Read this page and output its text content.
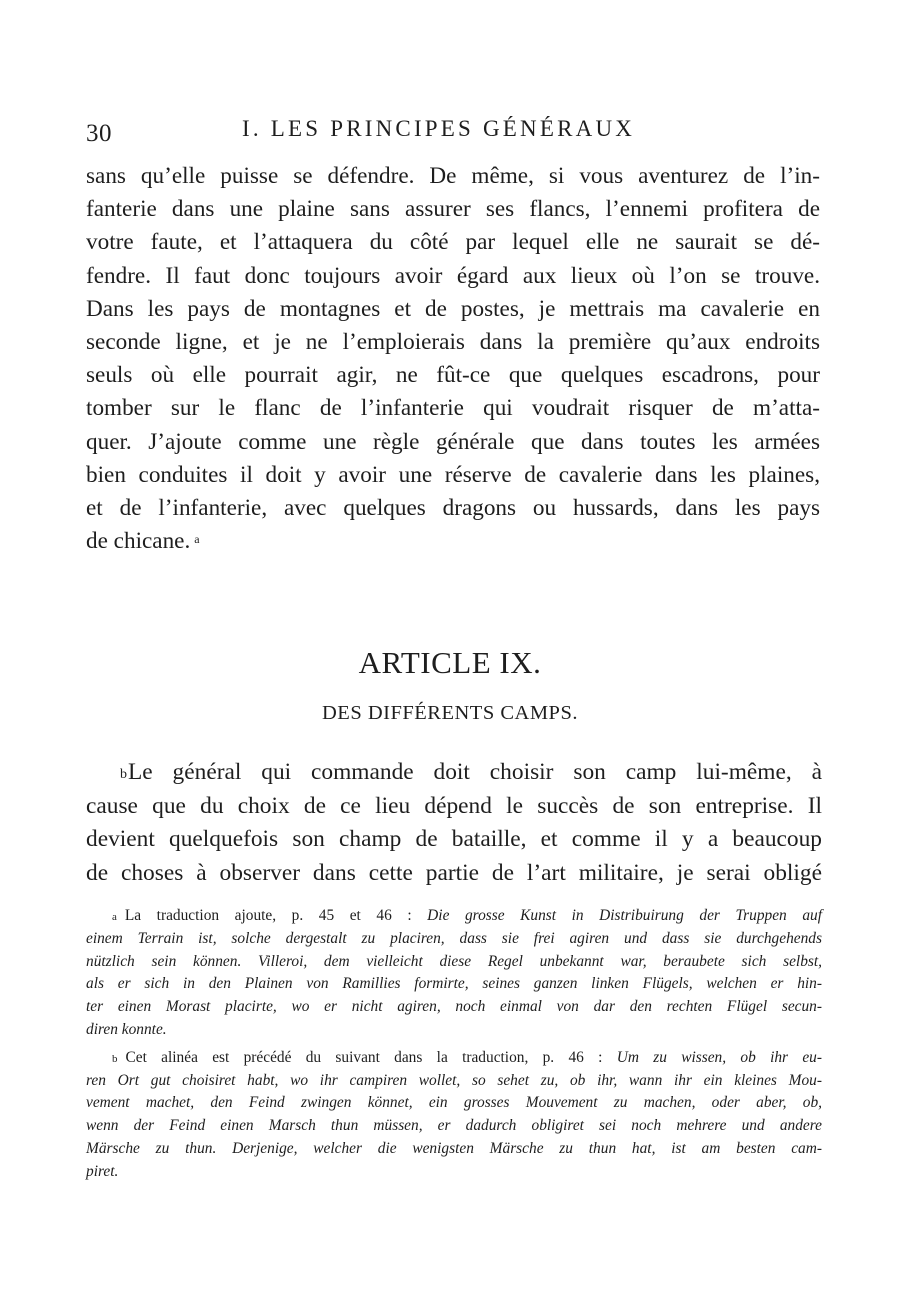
30	I. LES PRINCIPES GÉNÉRAUX
sans qu’elle puisse se défendre. De même, si vous aventurez de l’in-
fanterie dans une plaine sans assurer ses flancs, l’ennemi profitera de
votre faute, et l’attaquera du côté par lequel elle ne saurait se dé-
fendre. Il faut donc toujours avoir égard aux lieux où l’on se trouve.
Dans les pays de montagnes et de postes, je mettrais ma cavalerie en
seconde ligne, et je ne l’emploierais dans la première qu’aux endroits
seuls où elle pourrait agir, ne fût-ce que quelques escadrons, pour
tomber sur le flanc de l’infanterie qui voudrait risquer de m’atta-
quer. J’ajoute comme une règle générale que dans toutes les armées
bien conduites il doit y avoir une réserve de cavalerie dans les plaines,
et de l’infanterie, avec quelques dragons ou hussards, dans les pays
de chicane. $^a$
ARTICLE IX.
DES DIFFÉRENTS CAMPS.
$^b$Le général qui commande doit choisir son camp lui-même, à
cause que du choix de ce lieu dépend le succès de son entreprise. Il
devient quelquefois son champ de bataille, et comme il y a beaucoup
de choses à observer dans cette partie de l’art militaire, je serai obligé
$^a$ La traduction ajoute, p. 45 et 46 : Die grosse Kunst in Distribuirung der Truppen auf
einem Terrain ist, solche dergestalt zu placiren, dass sie frei agiren und dass sie durchgehends
nützlich sein können. Villeroi, dem vielleicht diese Regel unbekannt war, beraubete sich selbst,
als er sich in den Plainen von Ramillies formirte, seines ganzen linken Flügels, welchen er hin-
ter einen Morast placirte, wo er nicht agiren, noch einmal von dar den rechten Flügel secun-
diren konnte.
$^b$ Cet alinéa est précédé du suivant dans la traduction, p. 46 : Um zu wissen, ob ihr eu-
ren Ort gut choisiret habt, wo ihr campiren wollet, so sehet zu, ob ihr, wann ihr ein kleines Mou-
vement machet, den Feind zwingen könnet, ein grosses Mouvement zu machen, oder aber, ob,
wenn der Feind einen Marsch thun müssen, er dadurch obligiret sei noch mehrere und andere
Märsche zu thun. Derjenige, welcher die wenigsten Märsche zu thun hat, ist am besten cam-
piret.
